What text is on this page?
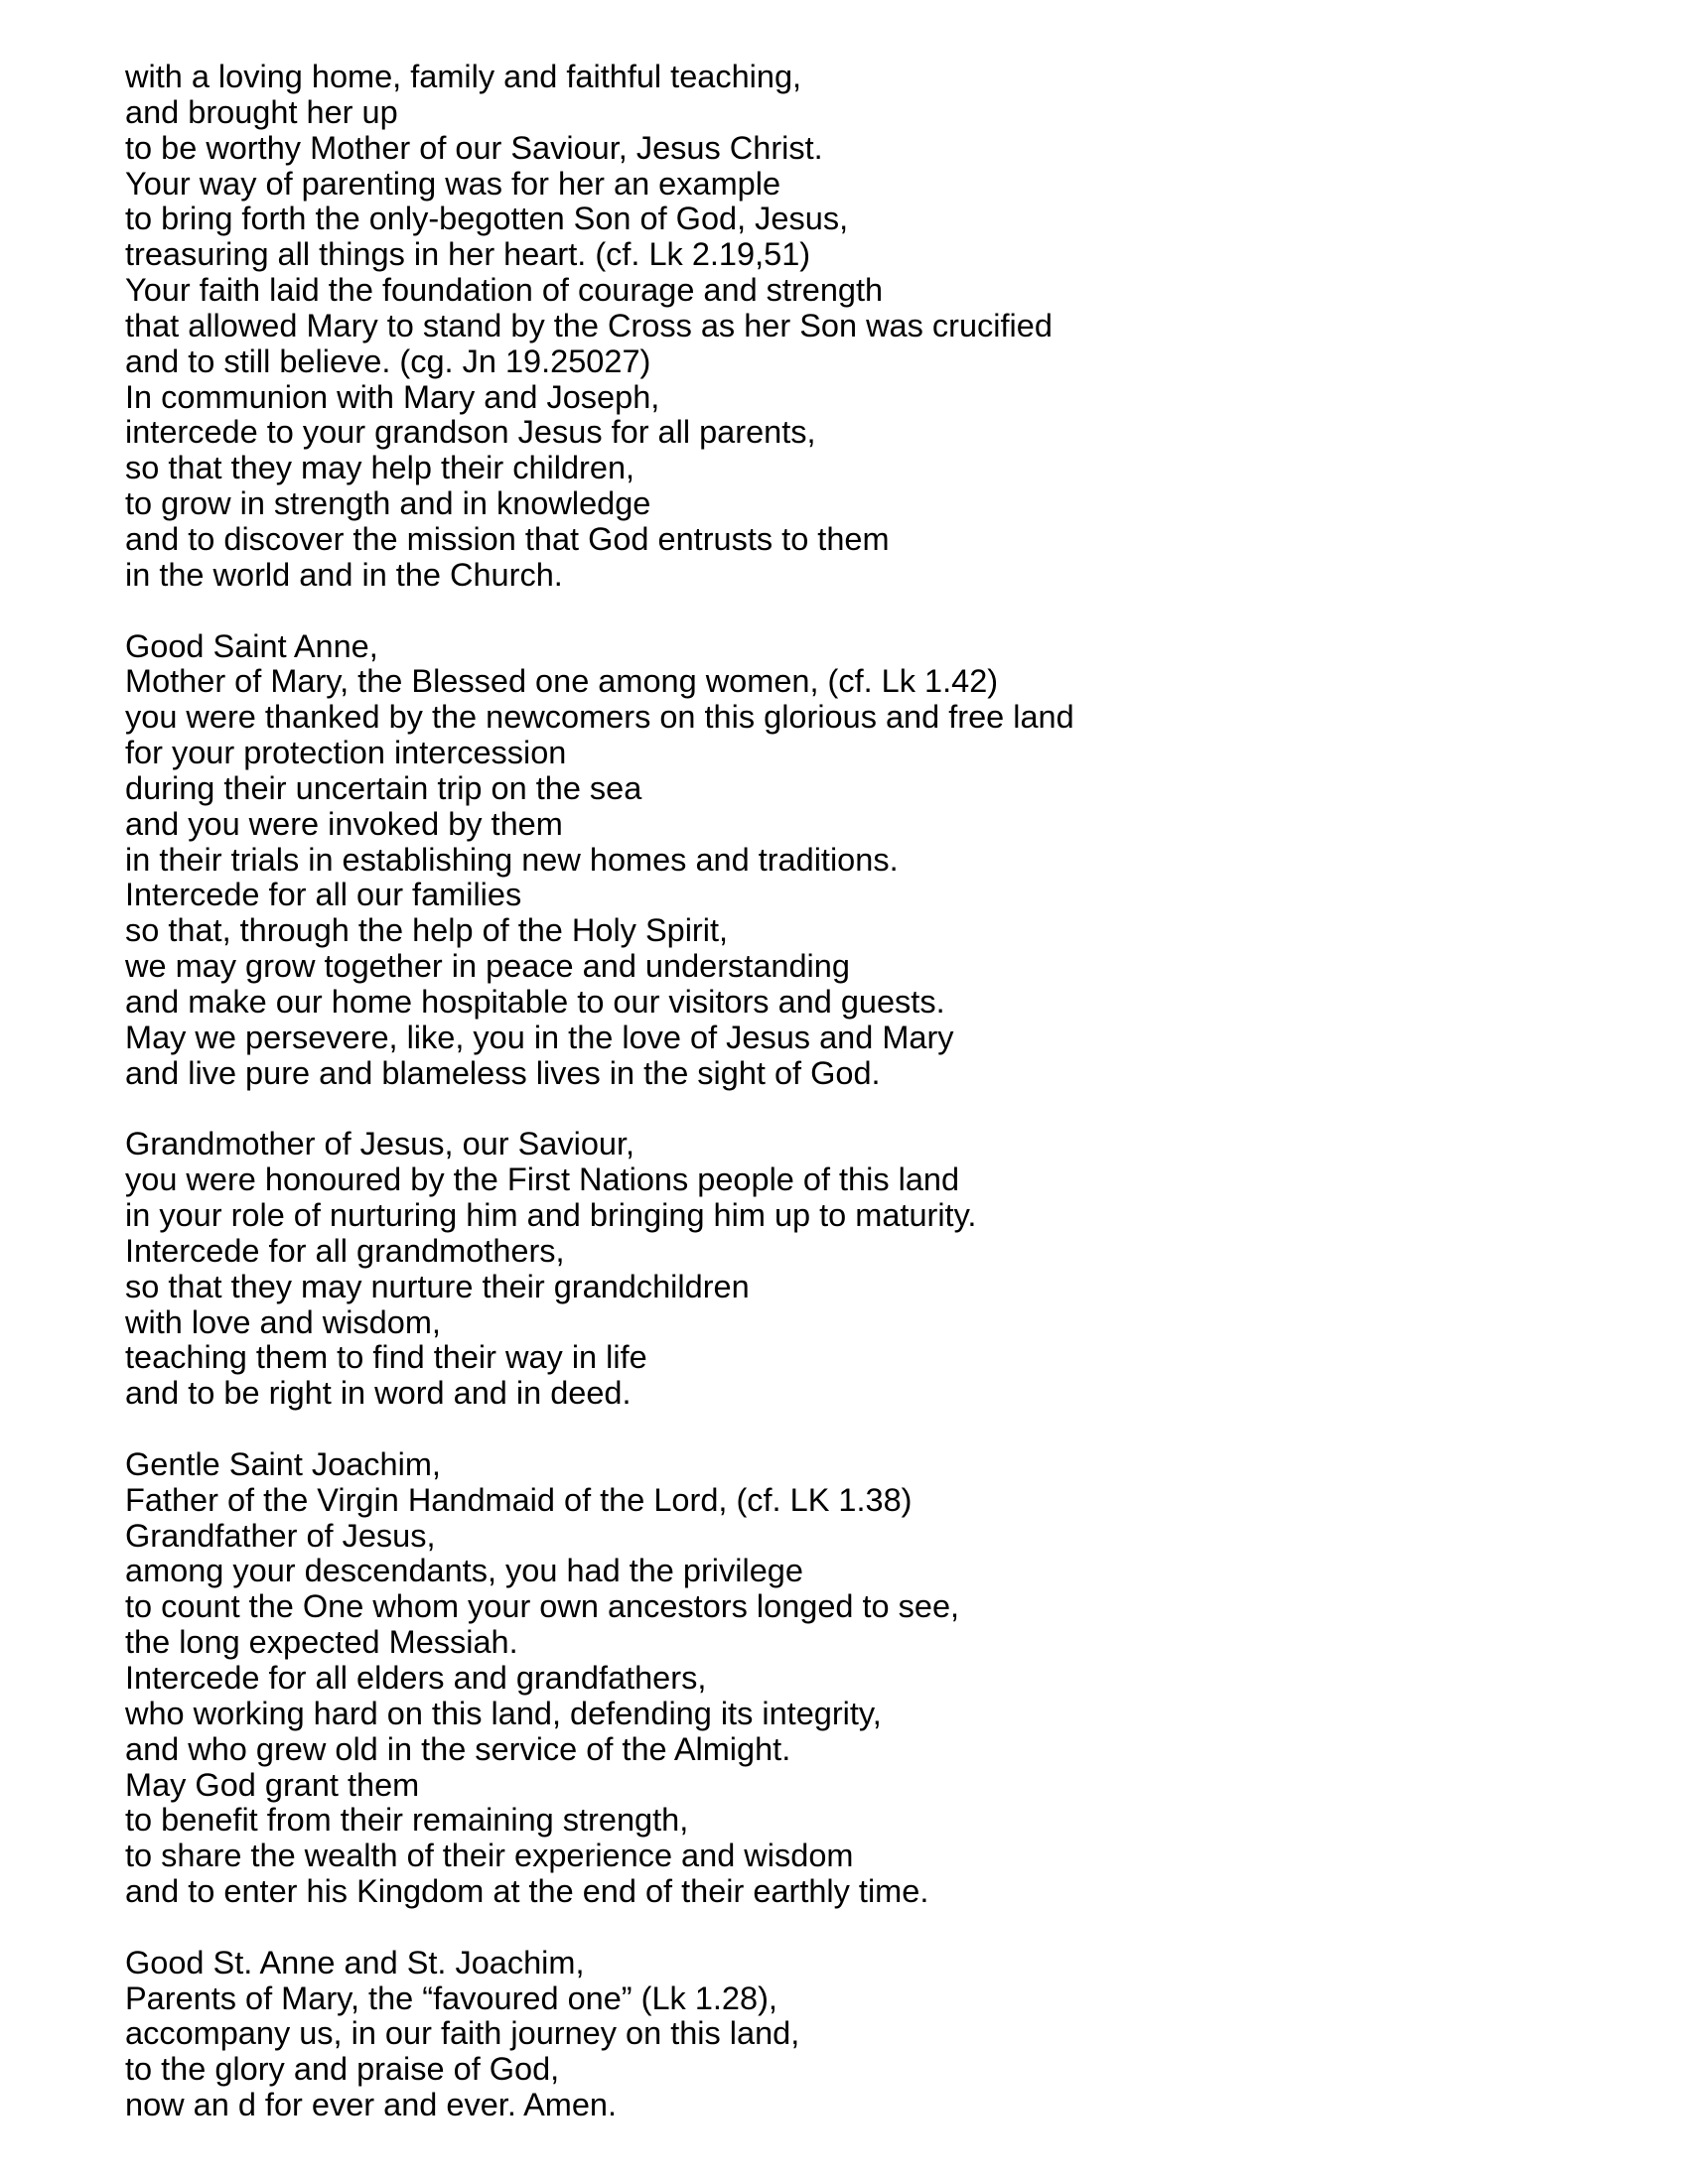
with a loving home, family and faithful teaching,
and brought her up
to be worthy Mother of our Saviour, Jesus Christ.
Your way of parenting was for her an example
to bring forth the only-begotten Son of God, Jesus,
treasuring all things in her heart. (cf. Lk 2.19,51)
Your faith laid the foundation of courage and strength
that allowed Mary to stand by the Cross as her Son was crucified
and to still believe. (cg. Jn 19.25027)
In communion with Mary and Joseph,
intercede to your grandson Jesus for all parents,
so that they may help their children,
to grow in strength and in knowledge
and to discover the mission that God entrusts to them
in the world and in the Church.
Good Saint Anne,
Mother of Mary, the Blessed one among women, (cf. Lk 1.42)
you were thanked by the newcomers on this glorious and free land
for your protection intercession
during their uncertain trip on the sea
and you were invoked by them
in their trials in establishing new homes and traditions.
Intercede for all our families
so that, through the help of the Holy Spirit,
we may grow together in peace and understanding
and make our home hospitable to our visitors and guests.
May we persevere, like, you in the love of Jesus and Mary
and live pure and blameless lives in the sight of God.
Grandmother of Jesus, our Saviour,
you were honoured by the First Nations people of this land
in your role of nurturing him and bringing him up to maturity.
Intercede for all grandmothers,
so that they may nurture their grandchildren
with love and wisdom,
teaching them to find their way in life
and to be right in word and in deed.
Gentle Saint Joachim,
Father of the Virgin Handmaid of the Lord, (cf. LK 1.38)
Grandfather of Jesus,
among your descendants, you had the privilege
to count the One whom your own ancestors longed to see,
the long expected Messiah.
Intercede for all elders and grandfathers,
who working hard on this land, defending its integrity,
and who grew old in the service of the Almight.
May God grant them
to benefit from their remaining strength,
to share the wealth of their experience and wisdom
and to enter his Kingdom at the end of their earthly time.
Good St. Anne and St. Joachim,
Parents of Mary, the “favoured one” (Lk 1.28),
accompany us, in our faith journey on this land,
to the glory and praise of God,
now an d for ever and ever. Amen.
